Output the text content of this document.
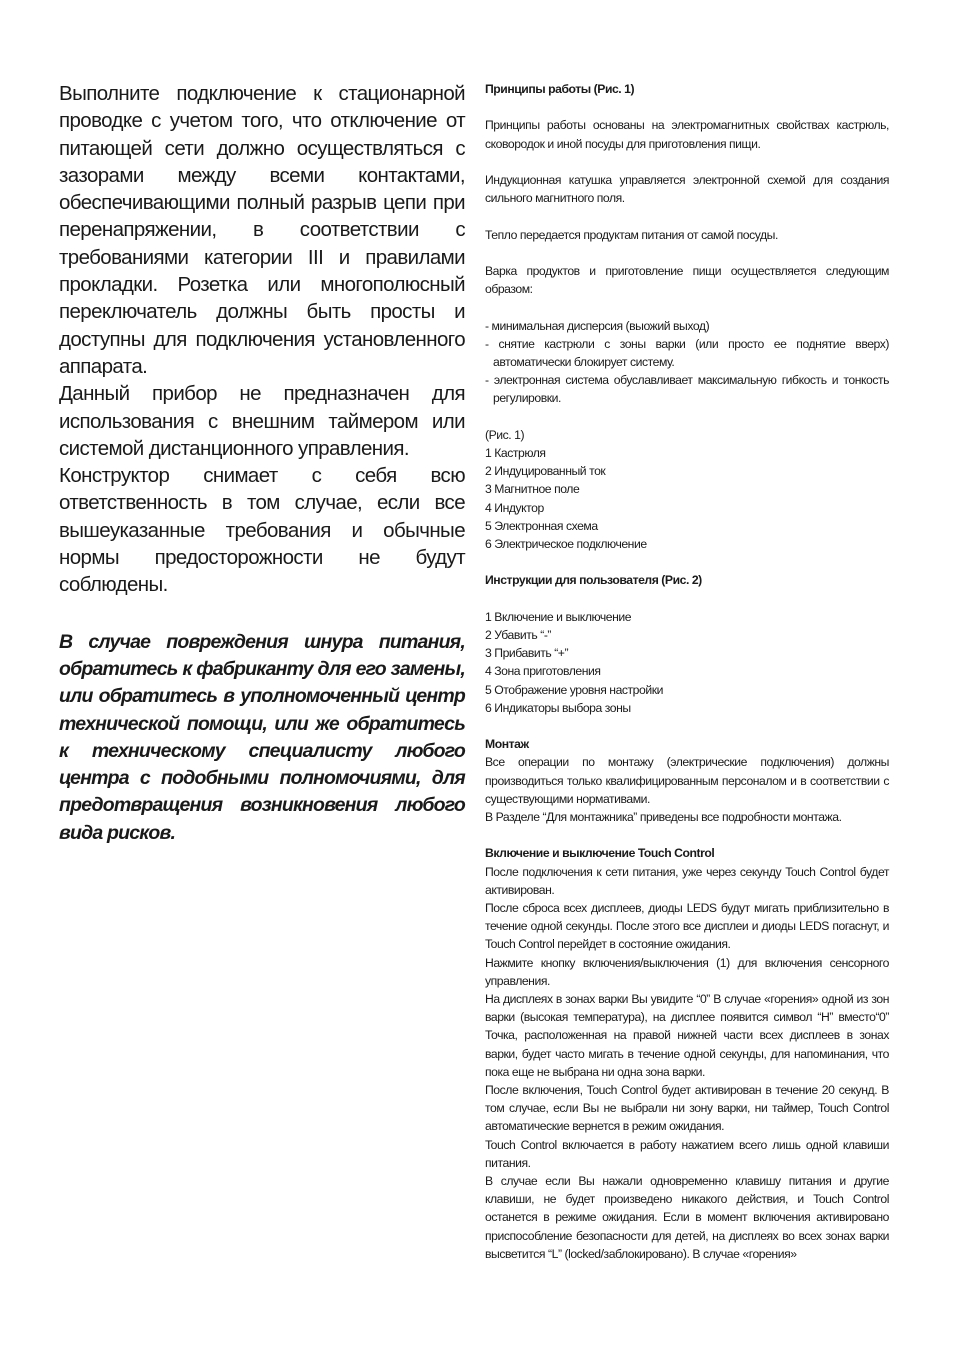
Выполните подключение к стационарной проводке с учетом того, что отключение от питающей сети должно осуществляться с зазорами между всеми контактами, обеспечивающими полный разрыв цепи при перенапряжении, в соответствии с требованиями категории III и правилами прокладки. Розетка или многополюсный переключатель должны быть просты и доступны для подключения установленного аппарата.

Данный прибор не предназначен для использования с внешним таймером или системой дистанционного управления.

Конструктор снимает с себя всю ответственность в том случае, если все вышеуказанные требования и обычные нормы предосторожности не будут соблюдены.

В случае повреждения шнура питания, обратитесь к фабриканту для его замены, или обратитесь в уполномоченный центр технической помощи, или же обратитесь к техническому специалисту любого центра с подобными полномочиями, для предотвращения возникновения любого вида рисков.

Принципы работы (Рис. 1)

Принципы работы основаны на электромагнитных свойствах кастрюль, сковородок и иной посуды для приготовления пищи.

Индукционная катушка управляется электронной схемой для создания сильного магнитного поля.

Тепло передается продуктам питания от самой посуды.

Варка продуктов и приготовление пищи осуществляется следующим образом:

- минимальная дисперсия (выожий выход)
- снятие кастрюли с зоны варки (или просто ее поднятие вверх) автоматически блокирует систему.
- электронная система обуславливает максимальную гибкость и тонкость регулировки.

(Рис. 1)

1 Кастрюля
2 Индуцированный ток
3 Магнитное поле
4 Индуктор
5 Электронная схема
6 Электрическое подключение

Инструкции для пользователя (Рис. 2)

1 Включение и выключение
2 Убавить “-”
3 Прибавить “+”
4 Зона приготовления
5 Отображение уровня настройки
6 Индикаторы выбора зоны

Монтаж

Все операции по монтажу (электрические подключения) должны производиться только квалифицированным персоналом и в соответствии с существующими нормативами.

В Разделе “Для монтажника” приведены все подробности монтажа.

Включение и выключение Touch Control

После подключения к сети питания, уже через секунду Touch Control будет активирован.

После сброса всех дисплеев, диоды LEDS будут мигать приблизительно в течение одной секунды. После этого все дисплеи и диоды LEDS погаснут, и Touch Control перейдет в состояние ожидания.

Нажмите кнопку включения/выключения (1) для включения сенсорного управления.

На дисплеях в зонах варки Вы увидите “0” В случае «горения» одной из зон варки (высокая температура), на дисплее появится символ “H” вместо“0” Точка, расположенная на правой нижней части всех дисплеев в зонах варки, будет часто мигать в течение одной секунды, для напоминания, что пока еще не выбрана ни одна зона варки.

После включения, Touch Control будет активирован в течение 20 секунд. В том случае, если Вы не выбрали ни зону варки, ни таймер, Touch Control автоматические вернется в режим ожидания.

Touch Control включается в работу нажатием всего лишь одной клавиши питания.

В случае если Вы нажали одновременно клавишу питания и другие клавиши, не будет произведено никакого действия, и Touch Control останется в режиме ожидания. Если в момент включения активировано приспособление безопасности для детей, на дисплеях во всех зонах варки высветится “L” (locked/заблокировано). В случае «горения»
